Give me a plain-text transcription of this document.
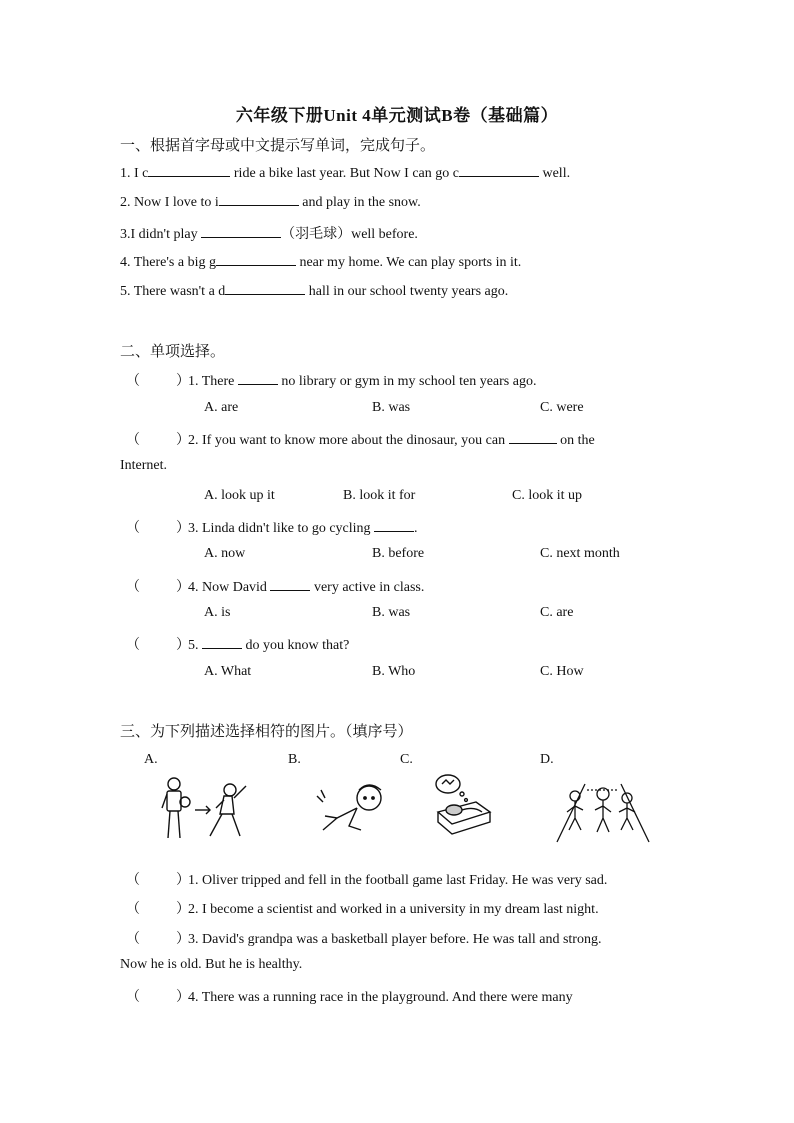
六年级下册Unit 4单元测试B卷（基础篇）
一、根据首字母或中文提示写单词，完成句子。
1. I c	ride a bike last year. But Now I can go c	well.
2. Now I love to i	and play in the snow.
3.I didn't play	（羽毛球）well before.
4. There's a big g	near my home. We can play sports in it.
5. There wasn't a d	hall in our school twenty years ago.
二、单项选择。
（	）1. There	no library or gym in my school ten years ago.
A. are	B. was	C. were
（	）2. If you want to know more about the dinosaur, you can	on the
Internet.
A. look up it	B. look it for	C. look it up
（	）3. Linda didn't like to go cycling	.
A. now	B. before	C. next month
（	）4. Now David	very active in class.
A. is	B. was	C. are
（	）5.	do you know that?
A. What	B. Who	C. How
三、为下列描述选择相符的图片。（填序号）
A.	B.	C.	D.
（	）1. Oliver tripped and fell in the football game last Friday. He was very sad.
（	）2. I become a scientist and worked in a university in my dream last night.
（	）3. David's grandpa was a basketball player before. He was tall and strong.
Now he is old. But he is healthy.
（	）4. There was a running race in the playground. And there were many
